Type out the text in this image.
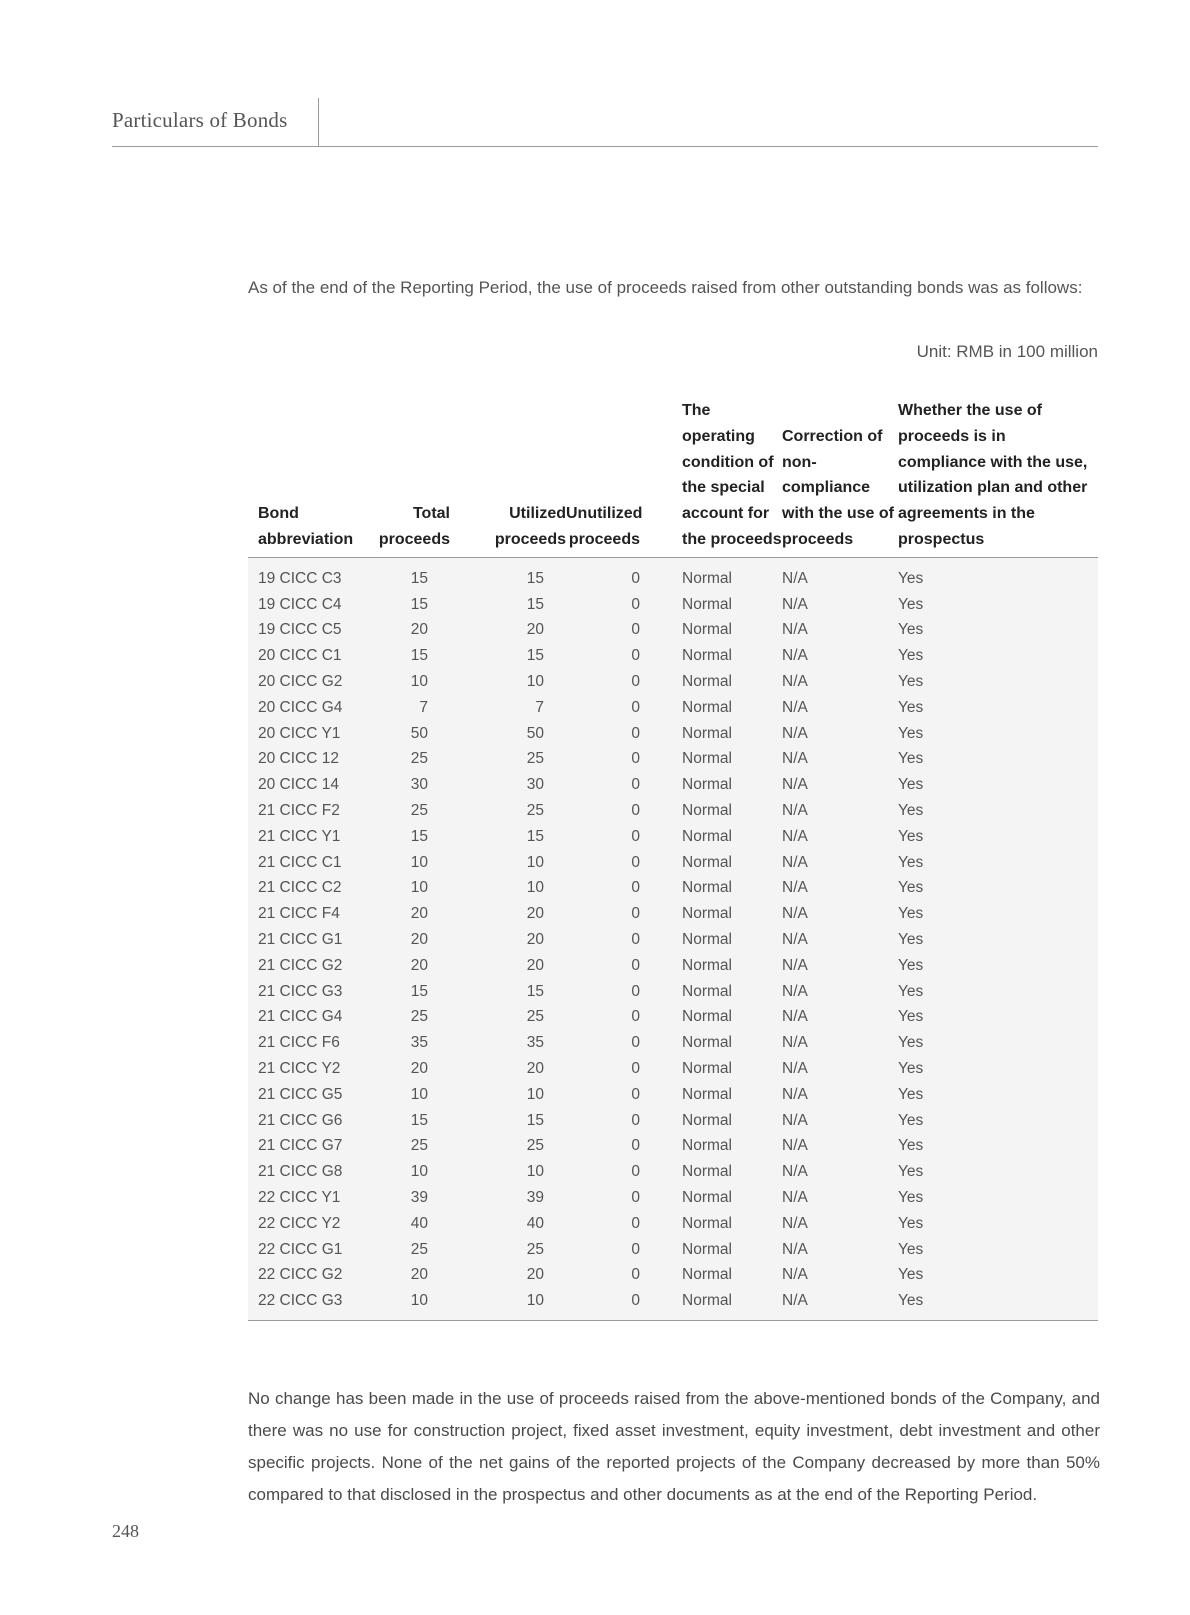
Particulars of Bonds
As of the end of the Reporting Period, the use of proceeds raised from other outstanding bonds was as follows:
Unit: RMB in 100 million
Bond abbreviation	Total proceeds	Utilized proceeds	Unutilized proceeds	The operating condition of the special account for the proceeds	Correction of non-compliance with the use of proceeds	Whether the use of proceeds is in compliance with the use, utilization plan and other agreements in the prospectus
19 CICC C3	15	15	0	Normal	N/A	Yes
19 CICC C4	15	15	0	Normal	N/A	Yes
19 CICC C5	20	20	0	Normal	N/A	Yes
20 CICC C1	15	15	0	Normal	N/A	Yes
20 CICC G2	10	10	0	Normal	N/A	Yes
20 CICC G4	7	7	0	Normal	N/A	Yes
20 CICC Y1	50	50	0	Normal	N/A	Yes
20 CICC 12	25	25	0	Normal	N/A	Yes
20 CICC 14	30	30	0	Normal	N/A	Yes
21 CICC F2	25	25	0	Normal	N/A	Yes
21 CICC Y1	15	15	0	Normal	N/A	Yes
21 CICC C1	10	10	0	Normal	N/A	Yes
21 CICC C2	10	10	0	Normal	N/A	Yes
21 CICC F4	20	20	0	Normal	N/A	Yes
21 CICC G1	20	20	0	Normal	N/A	Yes
21 CICC G2	20	20	0	Normal	N/A	Yes
21 CICC G3	15	15	0	Normal	N/A	Yes
21 CICC G4	25	25	0	Normal	N/A	Yes
21 CICC F6	35	35	0	Normal	N/A	Yes
21 CICC Y2	20	20	0	Normal	N/A	Yes
21 CICC G5	10	10	0	Normal	N/A	Yes
21 CICC G6	15	15	0	Normal	N/A	Yes
21 CICC G7	25	25	0	Normal	N/A	Yes
21 CICC G8	10	10	0	Normal	N/A	Yes
22 CICC Y1	39	39	0	Normal	N/A	Yes
22 CICC Y2	40	40	0	Normal	N/A	Yes
22 CICC G1	25	25	0	Normal	N/A	Yes
22 CICC G2	20	20	0	Normal	N/A	Yes
22 CICC G3	10	10	0	Normal	N/A	Yes

No change has been made in the use of proceeds raised from the above-mentioned bonds of the Company, and there was no use for construction project, fixed asset investment, equity investment, debt investment and other specific projects. None of the net gains of the reported projects of the Company decreased by more than 50% compared to that disclosed in the prospectus and other documents as at the end of the Reporting Period.
248
